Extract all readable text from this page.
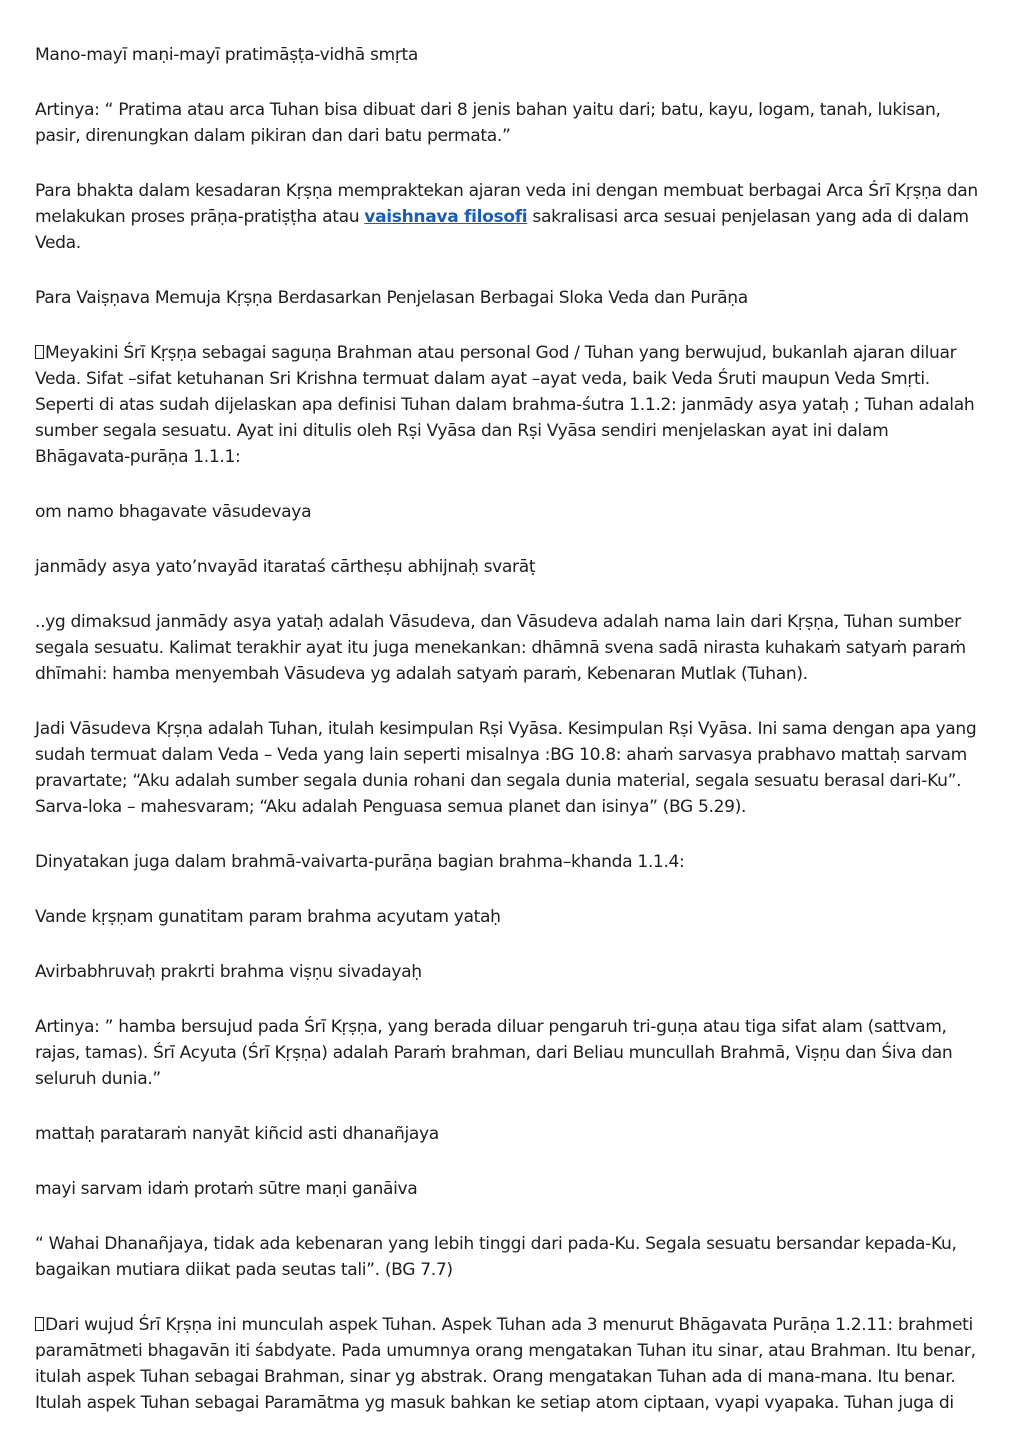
Mano-mayī maṇi-mayī pratimāṣṭa-vidhā smṛta

Artinya: “ Pratima atau arca Tuhan bisa dibuat dari 8 jenis bahan yaitu dari; batu, kayu, logam, tanah, lukisan, pasir, direnungkan dalam pikiran dan dari batu permata.”

Para bhakta dalam kesadaran Kṛṣṇa mempraktekan ajaran veda ini dengan membuat berbagai Arca Śrī Kṛṣṇa dan melakukan proses prāṇa-pratiṣṭha atau vaishnava filosofi sakralisasi arca sesuai penjelasan yang ada di dalam Veda.

Para Vaiṣṇava Memuja Kṛṣṇa Berdasarkan Penjelasan Berbagai Sloka Veda dan Purāṇa

Meyakini Śrī Kṛṣṇa sebagai saguṇa Brahman atau personal God / Tuhan yang berwujud, bukanlah ajaran diluar Veda. Sifat –sifat ketuhanan Sri Krishna termuat dalam ayat –ayat veda, baik Veda Śruti maupun Veda Smṛti. Seperti di atas sudah dijelaskan apa definisi Tuhan dalam brahma-śutra 1.1.2: janmādy asya yataḥ ; Tuhan adalah sumber segala sesuatu. Ayat ini ditulis oleh Rṣi Vyāsa dan Rṣi Vyāsa sendiri menjelaskan ayat ini dalam Bhāgavata-purāṇa 1.1.1:

om namo bhagavate vāsudevaya

janmādy asya yato’nvayād itarataś cārtheṣu abhijnaḥ svarāṭ

..yg dimaksud janmādy asya yataḥ adalah Vāsudeva, dan Vāsudeva adalah nama lain dari Kṛṣṇa, Tuhan sumber segala sesuatu. Kalimat terakhir ayat itu juga menekankan: dhāmnā svena sadā nirasta kuhakaṁ satyaṁ paraṁ dhīmahi: hamba menyembah Vāsudeva yg adalah satyaṁ paraṁ, Kebenaran Mutlak (Tuhan).

Jadi Vāsudeva Kṛṣṇa adalah Tuhan, itulah kesimpulan Rṣi Vyāsa. Kesimpulan Rṣi Vyāsa. Ini sama dengan apa yang sudah termuat dalam Veda – Veda yang lain seperti misalnya :BG 10.8: ahaṁ sarvasya prabhavo mattaḥ sarvam pravartate; “Aku adalah sumber segala dunia rohani dan segala dunia material, segala sesuatu berasal dari-Ku”. Sarva-loka – mahesvaram; “Aku adalah Penguasa semua planet dan isinya” (BG 5.29).

Dinyatakan juga dalam brahmā-vaivarta-purāṇa bagian brahma–khanda 1.1.4:

Vande kṛṣṇam gunatitam param brahma acyutam yataḥ

Avirbabhruvaḥ prakrti brahma viṣṇu sivadayaḥ

Artinya: ” hamba bersujud pada Śrī Kṛṣṇa, yang berada diluar pengaruh tri-guṇa atau tiga sifat alam (sattvam, rajas, tamas). Śrī Acyuta (Śrī Kṛṣṇa) adalah Paraṁ brahman, dari Beliau muncullah Brahmā, Viṣṇu dan Śiva dan seluruh dunia.”

mattaḥ parataraṁ nanyāt kiñcid asti dhanañjaya

mayi sarvam idaṁ protaṁ sūtre maṇi ganāiva

“ Wahai Dhanañjaya, tidak ada kebenaran yang lebih tinggi dari pada-Ku. Segala sesuatu bersandar kepada-Ku, bagaikan mutiara diikat pada seutas tali”. (BG 7.7)

Dari wujud Śrī Kṛṣṇa ini munculah aspek Tuhan. Aspek Tuhan ada 3 menurut Bhāgavata Purāṇa 1.2.11: brahmeti paramātmeti bhagavān iti śabdyate. Pada umumnya orang mengatakan Tuhan itu sinar, atau Brahman. Itu benar, itulah aspek Tuhan sebagai Brahman, sinar yg abstrak. Orang mengatakan Tuhan ada di mana-mana. Itu benar. Itulah aspek Tuhan sebagai Paramātma yg masuk bahkan ke setiap atom ciptaan, vyapi vyapaka. Tuhan juga di
